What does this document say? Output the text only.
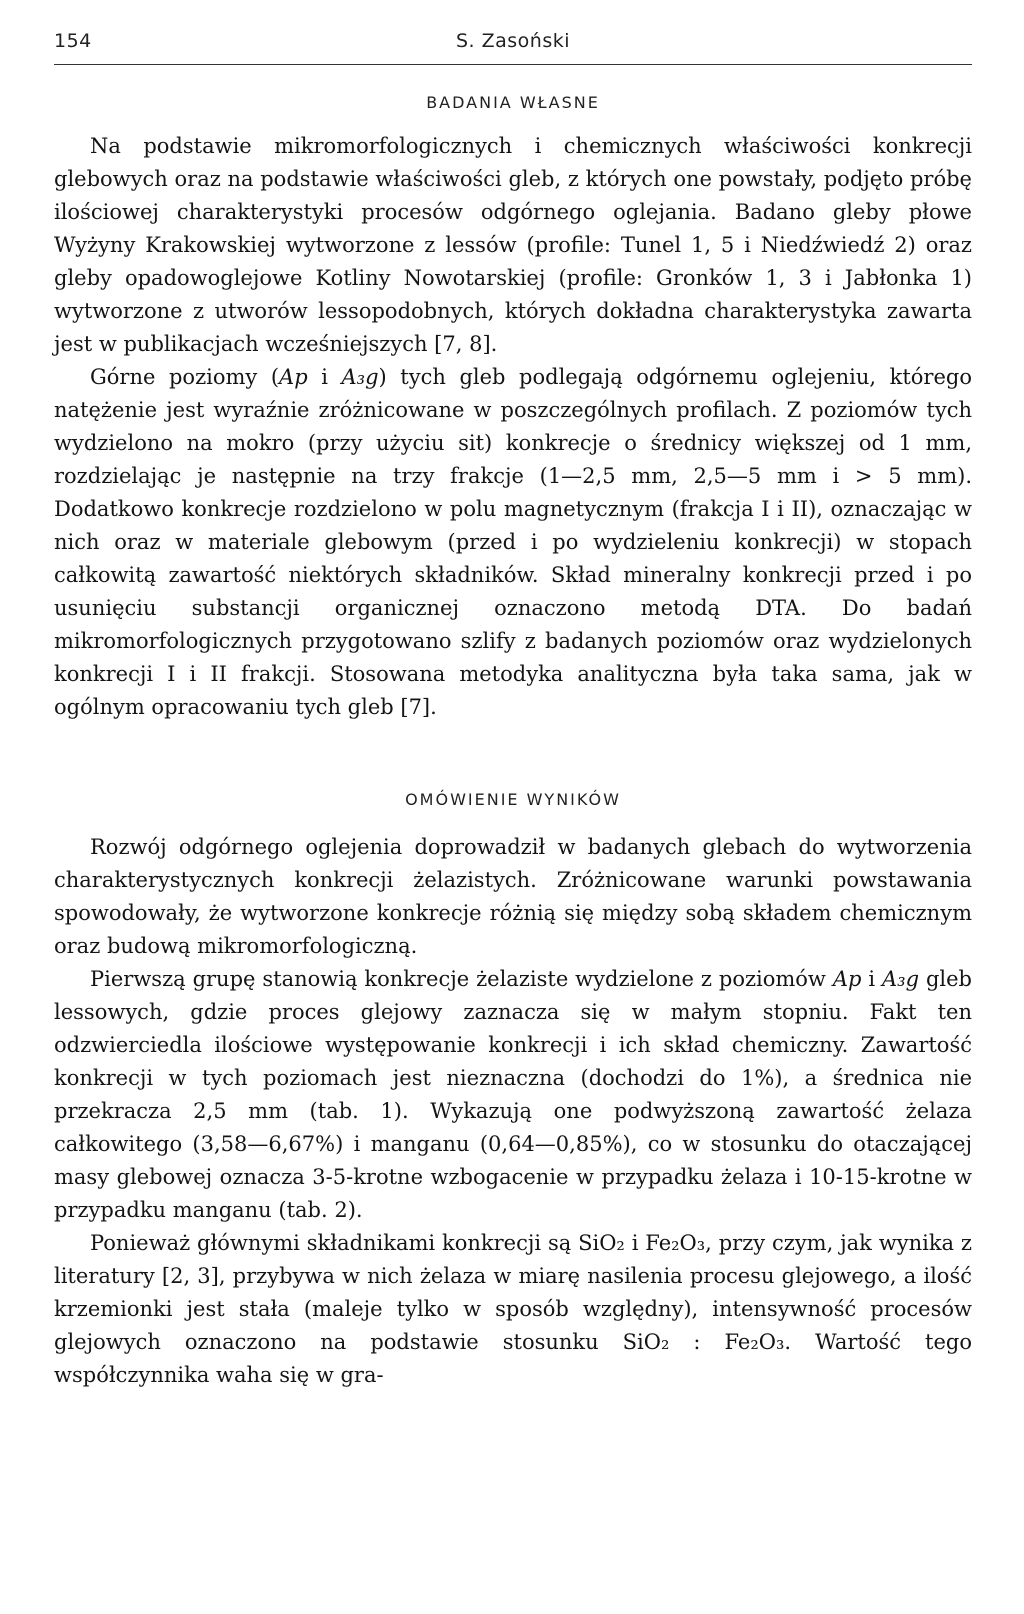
154	S. Zasoński
BADANIA WŁASNE

Na podstawie mikromorfologicznych i chemicznych właściwości konkrecji glebowych oraz na podstawie właściwości gleb, z których one powstały, podjęto próbę ilościowej charakterystyki procesów odgórnego oglejania. Badano gleby płowe Wyżyny Krakowskiej wytworzone z lessów (profile: Tunel 1, 5 i Niedźwiedź 2) oraz gleby opadowoglejowe Kotliny Nowotarskiej (profile: Gronków 1, 3 i Jabłonka 1) wytworzone z utworów lessopodobnych, których dokładna charakterystyka zawarta jest w publikacjach wcześniejszych [7, 8].

Górne poziomy (Ap i A₃g) tych gleb podlegają odgórnemu oglejeniu, którego natężenie jest wyraźnie zróżnicowane w poszczególnych profilach. Z poziomów tych wydzielono na mokro (przy użyciu sit) konkrecje o średnicy większej od 1 mm, rozdzielając je następnie na trzy frakcje (1—2,5 mm, 2,5—5 mm i > 5 mm). Dodatkowo konkrecje rozdzielono w polu magnetycznym (frakcja I i II), oznaczając w nich oraz w materiale glebowym (przed i po wydzieleniu konkrecji) w stopach całkowitą zawartość niektórych składników. Skład mineralny konkrecji przed i po usunięciu substancji organicznej oznaczono metodą DTA. Do badań mikromorfologicznych przygotowano szlify z badanych poziomów oraz wydzielonych konkrecji I i II frakcji. Stosowana metodyka analityczna była taka sama, jak w ogólnym opracowaniu tych gleb [7].

OMÓWIENIE WYNIKÓW

Rozwój odgórnego oglejenia doprowadził w badanych glebach do wytworzenia charakterystycznych konkrecji żelazistych. Zróżnicowane warunki powstawania spowodowały, że wytworzone konkrecje różnią się między sobą składem chemicznym oraz budową mikromorfologiczną.

Pierwszą grupę stanowią konkrecje żelaziste wydzielone z poziomów Ap i A₃g gleb lessowych, gdzie proces glejowy zaznacza się w małym stopniu. Fakt ten odzwierciedla ilościowe występowanie konkrecji i ich skład chemiczny. Zawartość konkrecji w tych poziomach jest nieznaczna (dochodzi do 1%), a średnica nie przekracza 2,5 mm (tab. 1). Wykazują one podwyższoną zawartość żelaza całkowitego (3,58—6,67%) i manganu (0,64—0,85%), co w stosunku do otaczającej masy glebowej oznacza 3-5-krotne wzbogacenie w przypadku żelaza i 10-15-krotne w przypadku manganu (tab. 2).

Ponieważ głównymi składnikami konkrecji są SiO₂ i Fe₂O₃, przy czym, jak wynika z literatury [2, 3], przybywa w nich żelaza w miarę nasilenia procesu glejowego, a ilość krzemionki jest stała (maleje tylko w sposób względny), intensywność procesów glejowych oznaczono na podstawie stosunku SiO₂ : Fe₂O₃. Wartość tego współczynnika waha się w gra-
